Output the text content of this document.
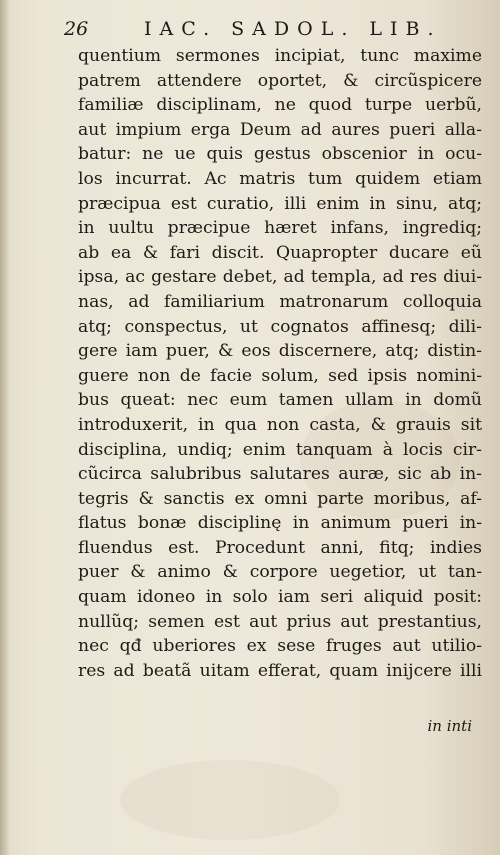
26	IAC. SADOL. LIB.
quentium sermones incipiat, tunc maxime
patrem attendere oportet, & circũspicere
familiæ disciplinam, ne quod turpe uerbũ,
aut impium erga Deum ad aures pueri alla-
batur: ne ue quis gestus obscenior in ocu-
los incurrat. Ac matris tum quidem etiam
præcipua est curatio, illi enim in sinu, atq;
in uultu præcipue hæret infans, ingrediq;
ab ea & fari discit. Quapropter ducare eũ
ipsa, ac gestare debet, ad templa, ad res diui-
nas, ad familiarium matronarum colloquia
atq; conspectus, ut cognatos affinesq; dili-
gere iam puer, & eos discernere, atq; distin-
guere non de facie solum, sed ipsis nomini-
bus queat: nec eum tamen ullam in domũ
introduxerit, in qua non casta, & grauis sit
disciplina, undiq; enim tanquam à locis cir-
cũcirca salubribus salutares auræ, sic ab in-
tegris & sanctis ex omni parte moribus, af-
flatus bonæ disciplinę in animum pueri in-
fluendus est. Procedunt anni, fitq; indies
puer & animo & corpore uegetior, ut tan-
quam idoneo in solo iam seri aliquid posit:
nullũq; semen est aut prius aut prestantius,
nec qđ uberiores ex sese fruges aut utilio-
res ad beatã uitam efferat, quam inijcere illi
in inti
